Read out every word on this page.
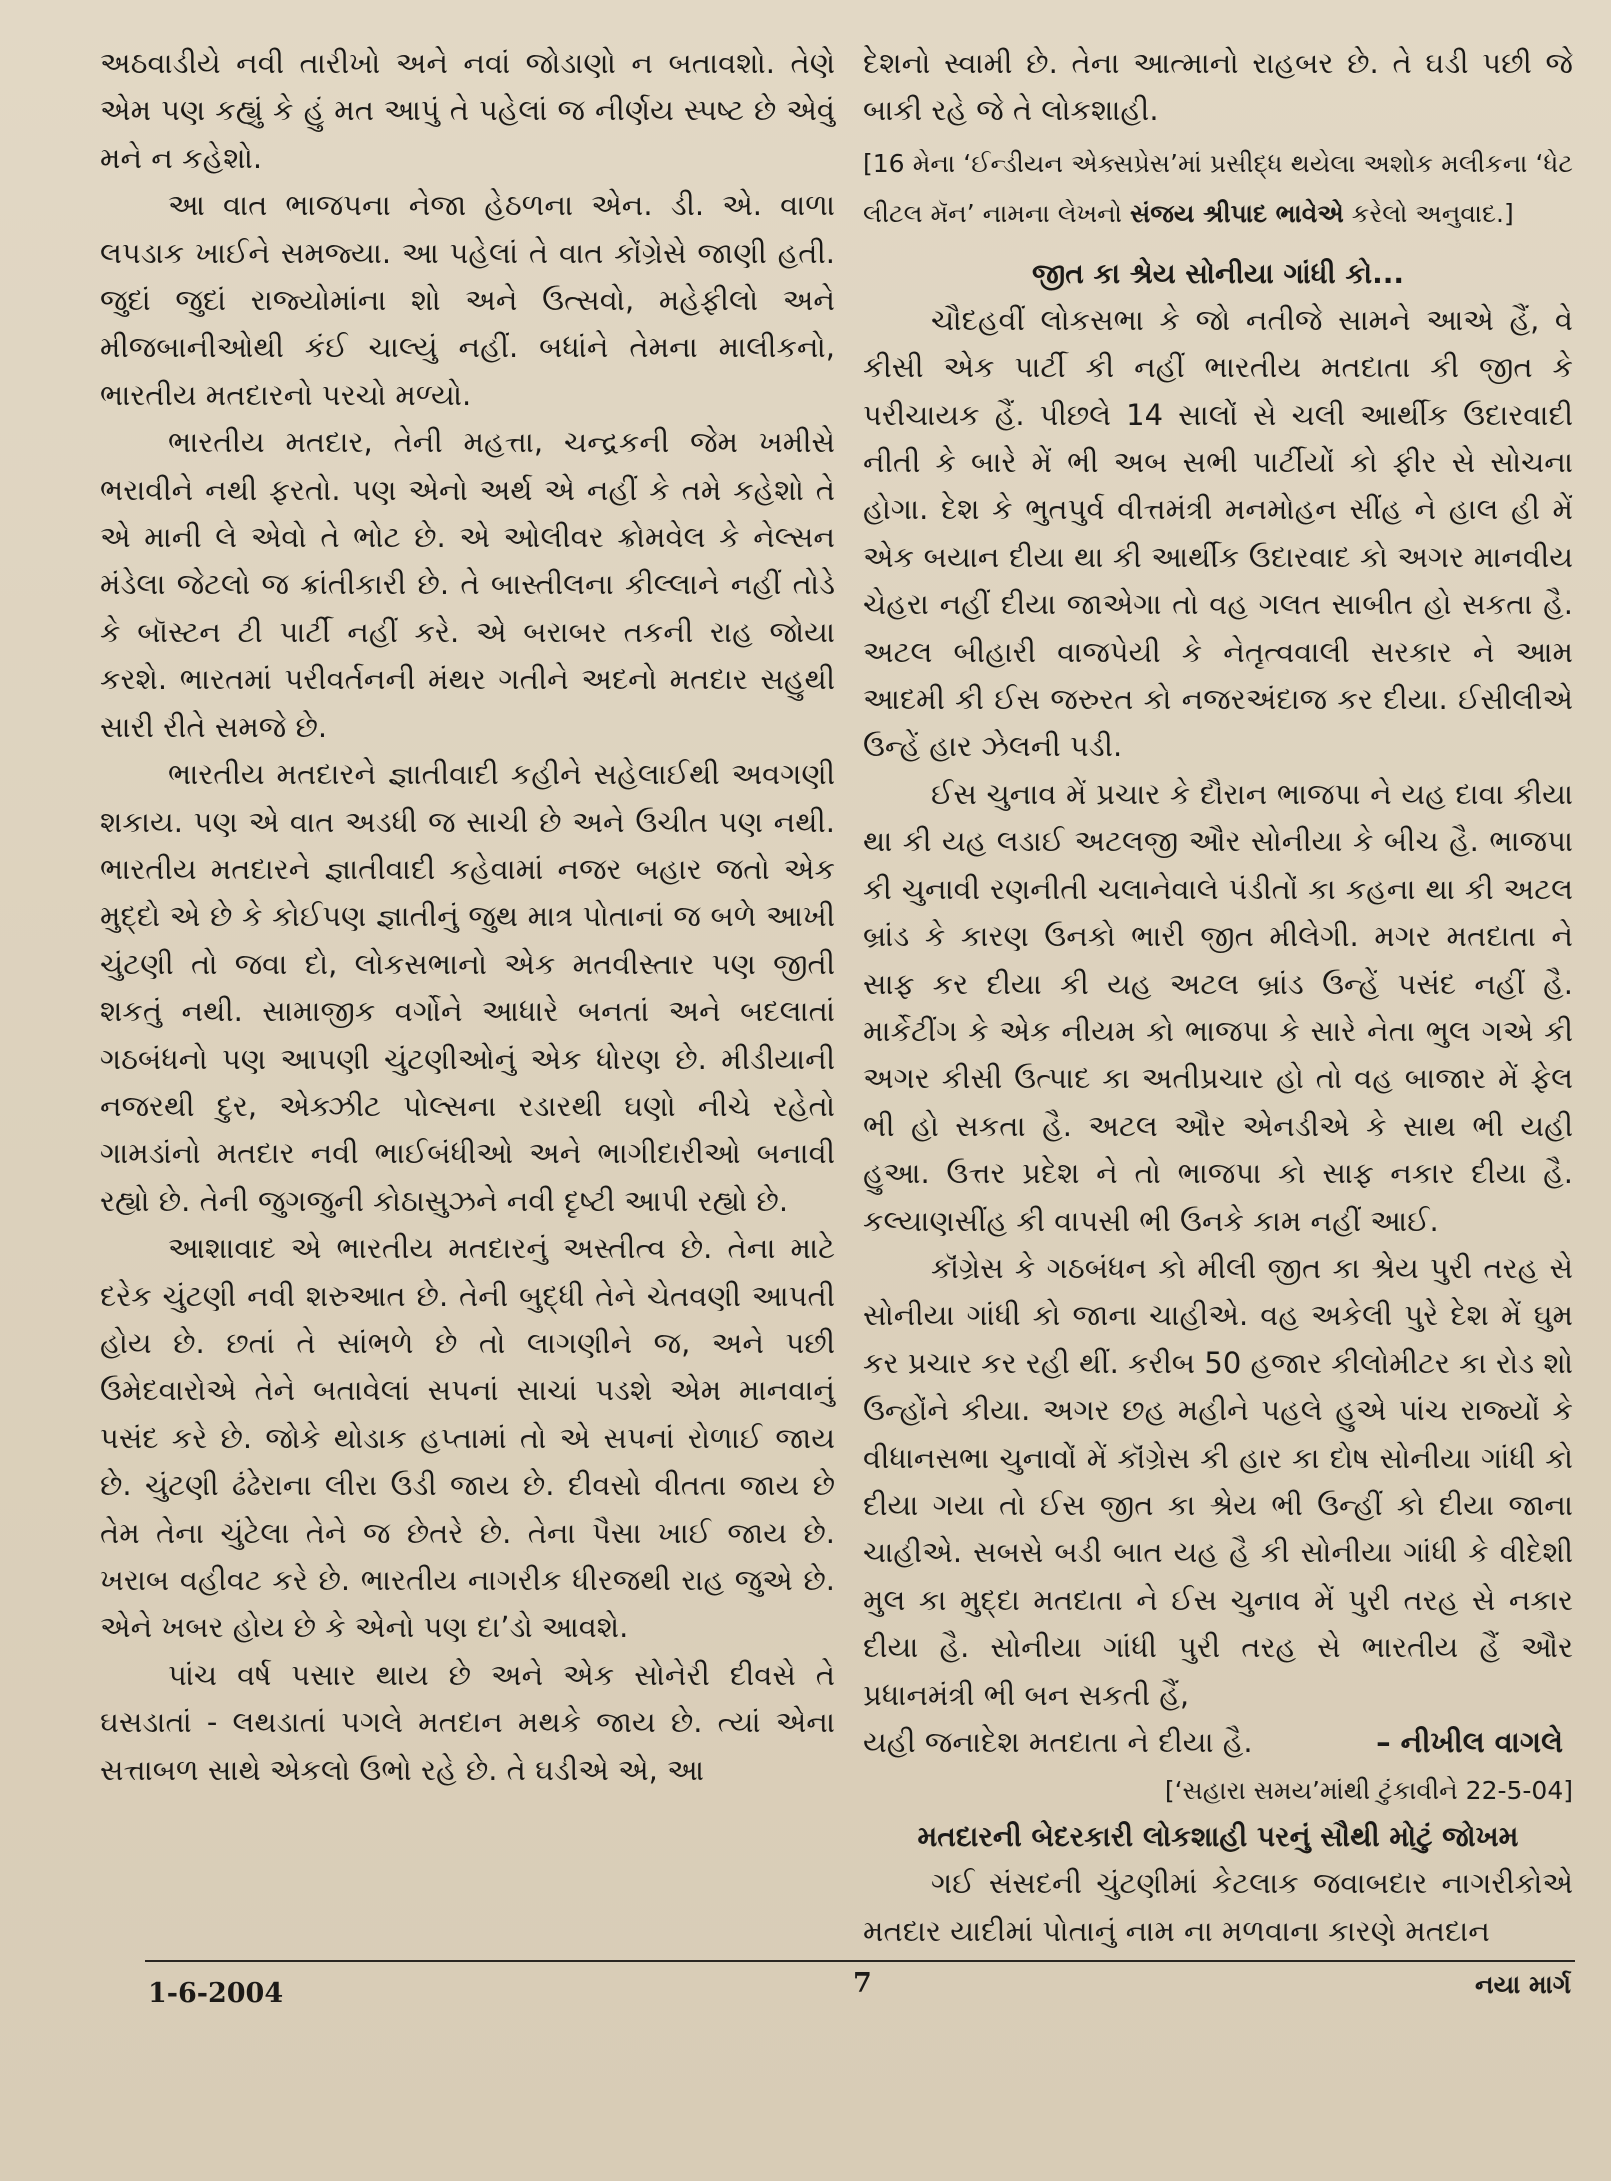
અઠવાડીયે નવી તારીખો અને નવાં જોડાણો ન બતાવશો. તેણે એમ પણ કહ્યું કે હું મત આપું તે પહેલાં જ નીર્ણય સ્પષ્ટ છે એવું મને ન કહેશો.

આ વાત ભાજપના નેજા હેઠળના એન. ડી. એ. વાળા લપડાક ખાઈને સમજ્યા. આ પહેલાં તે વાત કોંગ્રેસે જાણી હતી. જુદાં જુદાં રાજ્યોમાંના શો અને ઉત્સવો, મહેફીલો અને મીજબાનીઓથી કંઈ ચાલ્યું નહીં. બધાંને તેમના માલીકનો, ભારતીય મતદારનો પરચો મળ્યો.

ભારતીય મતદાર, તેની મહત્તા, ચન્દ્રકની જેમ ખમીસે ભરાવીને નથી ફરતો. પણ એનો અર્થ એ નહીં કે તમે કહેશો તે એ માની લે એવો તે ભોટ છે. એ ઓલીવર ક્રોમવેલ કે નેલ્સન મંડેલા જેટલો જ ક્રાંતીકારી છે. તે બાસ્તીલના કીલ્લાને નહીં તોડે કે બૉસ્ટન ટી પાર્ટી નહીં કરે. એ બરાબર તકની રાહ જોયા કરશે. ભારતમાં પરીવર્તનની મંથર ગતીને અદનો મતદાર સહુથી સારી રીતે સમજે છે.

ભારતીય મતદારને જ્ઞાતીવાદી કહીને સહેલાઈથી અવગણી શકાય. પણ એ વાત અડધી જ સાચી છે અને ઉચીત પણ નથી. ભારતીય મતદારને જ્ઞાતીવાદી કહેવામાં નજર બહાર જતો એક મુદ્દો એ છે કે કોઈપણ જ્ઞાતીનું જુથ માત્ર પોતાનાં જ બળે આખી ચુંટણી તો જવા દો, લોકસભાનો એક મતવીસ્તાર પણ જીતી શકતું નથી. સામાજીક વર્ગોને આધારે બનતાં અને બદલાતાં ગઠબંધનો પણ આપણી ચુંટણીઓનું એક ધોરણ છે. મીડીયાની નજરથી દુર, એક્ઝીટ પોલ્સના રડારથી ઘણો નીચે રહેતો ગામડાંનો મતદાર નવી ભાઈબંધીઓ અને ભાગીદારીઓ બનાવી રહ્યો છે. તેની જુગજુની કોઠાસુઝને નવી દૃષ્ટી આપી રહ્યો છે.

આશાવાદ એ ભારતીય મતદારનું અસ્તીત્વ છે. તેના માટે દરેક ચુંટણી નવી શરુઆત છે. તેની બુદ્ધી તેને ચેતવણી આપતી હોય છે. છતાં તે સાંભળે છે તો લાગણીને જ, અને પછી ઉમેદવારોએ તેને બતાવેલાં સપનાં સાચાં પડશે એમ માનવાનું પસંદ કરે છે. જોકે થોડાક હપ્તામાં તો એ સપનાં રોળાઈ જાય છે. ચુંટણી ઢંઢેરાના લીરા ઉડી જાય છે. દીવસો વીતતા જાય છે તેમ તેના ચુંટેલા તેને જ છેતરે છે. તેના પૈસા ખાઈ જાય છે. ખરાબ વહીવટ કરે છે. ભારતીય નાગરીક ધીરજથી રાહ જુએ છે. એને ખબર હોય છે કે એનો પણ દા’ડો આવશે.

પાંચ વર્ષ પસાર થાય છે અને એક સોનેરી દીવસે તે ઘસડાતાં - લથડાતાં પગલે મતદાન મથકે જાય છે. ત્યાં એના સત્તાબળ સાથે એકલો ઉભો રહે છે. તે ઘડીએ એ, આ

દેશનો સ્વામી છે. તેના આત્માનો રાહબર છે. તે ઘડી પછી જે બાકી રહે જે તે લોકશાહી.

[16 મેના ‘ઈન્ડીયન એક્સપ્રેસ’માં પ્રસીદ્ધ થયેલા અશોક મલીકના ‘ધેટ લીટલ મૅન’ નામના લેખનો સંજય શ્રીપાદ ભાવેએ કરેલો અનુવાદ.]

જીત કા શ્રેય સોનીયા ગાંધી કો...

ચૌદહવીં લોકસભા કે જો નતીજે સામને આએ હૈં, વે કીસી એક પાર્ટી કી નહીં ભારતીય મતદાતા કી જીત કે પરીચાયક હૈં. પીછલે 14 સાલોં સે ચલી આર્થીક ઉદારવાદી નીતી કે બારે મેં ભી અબ સભી પાર્ટીયોં કો ફીર સે સોચના હોગા. દેશ કે ભુતપુર્વ વીત્તમંત્રી મનમોહન સીંહ ને હાલ હી મેં એક બયાન દીયા થા કી આર્થીક ઉદારવાદ કો અગર માનવીય ચેહરા નહીં દીયા જાએગા તો વહ ગલત સાબીત હો સકતા હૈ. અટલ બીહારી વાજપેયી કે નેતૃત્વવાલી સરકાર ને આમ આદમી કી ઈસ જરુરત કો નજરઅંદાજ કર દીયા. ઈસીલીએ ઉન્હેં હાર ઝેલની પડી.

ઈસ ચુનાવ મેં પ્રચાર કે દૌરાન ભાજપા ને યહ દાવા કીયા થા કી યહ લડાઈ અટલજી ઔર સોનીયા કે બીચ હૈ. ભાજપા કી ચુનાવી રણનીતી ચલાનેવાલે પંડીતોં કા કહના થા કી અટલ બ્રાંડ કે કારણ ઉનકો ભારી જીત મીલેગી. મગર મતદાતા ને સાફ કર દીયા કી યહ અટલ બ્રાંડ ઉન્હેં પસંદ નહીં હૈ. માર્કેટીંગ કે એક નીયમ કો ભાજપા કે સારે નેતા ભુલ ગએ કી અગર કીસી ઉત્પાદ કા અતીપ્રચાર હો તો વહ બાજાર મેં ફેલ ભી હો સકતા હૈ. અટલ ઔર એનડીએ કે સાથ ભી યહી હુઆ. ઉત્તર પ્રદેશ ને તો ભાજપા કો સાફ નકાર દીયા હૈ. કલ્યાણસીંહ કી વાપસી ભી ઉનકે કામ નહીં આઈ.

કૉંગ્રેસ કે ગઠબંધન કો મીલી જીત કા શ્રેય પુરી તરહ સે સોનીયા ગાંધી કો જાના ચાહીએ. વહ અકેલી પુરે દેશ મેં ઘુમ કર પ્રચાર કર રહી થીં. કરીબ 50 હજાર કીલોમીટર કા રોડ શો ઉન્હોંને કીયા. અગર છહ મહીને પહલે હુએ પાંચ રાજ્યોં કે વીધાનસભા ચુનાવોં મેં કૉંગ્રેસ કી હાર કા દોષ સોનીયા ગાંધી કો દીયા ગયા તો ઈસ જીત કા શ્રેય ભી ઉન્હીં કો દીયા જાના ચાહીએ. સબસે બડી બાત યહ હૈ કી સોનીયા ગાંધી કે વીદેશી મુલ કા મુદ્દા મતદાતા ને ઈસ ચુનાવ મેં પુરી તરહ સે નકાર દીયા હૈ. સોનીયા ગાંધી પુરી તરહ સે ભારતીય હૈં ઔર પ્રધાનમંત્રી ભી બન સકતી હૈં,

યહી જનાદેશ મતદાતા ને દીયા હૈ.	– નીખીલ વાગલે

[‘સહારા સમય’માંથી ટુંકાવીને 22-5-04]

મતદારની બેદરકારી લોકશાહી પરનું સૌથી મોટું જોખમ

ગઈ સંસદની ચુંટણીમાં કેટલાક જવાબદાર નાગરીકોએ મતદાર યાદીમાં પોતાનું નામ ના મળવાના કારણે મતદાન

1-6-2004	7	નયા માર્ગ
